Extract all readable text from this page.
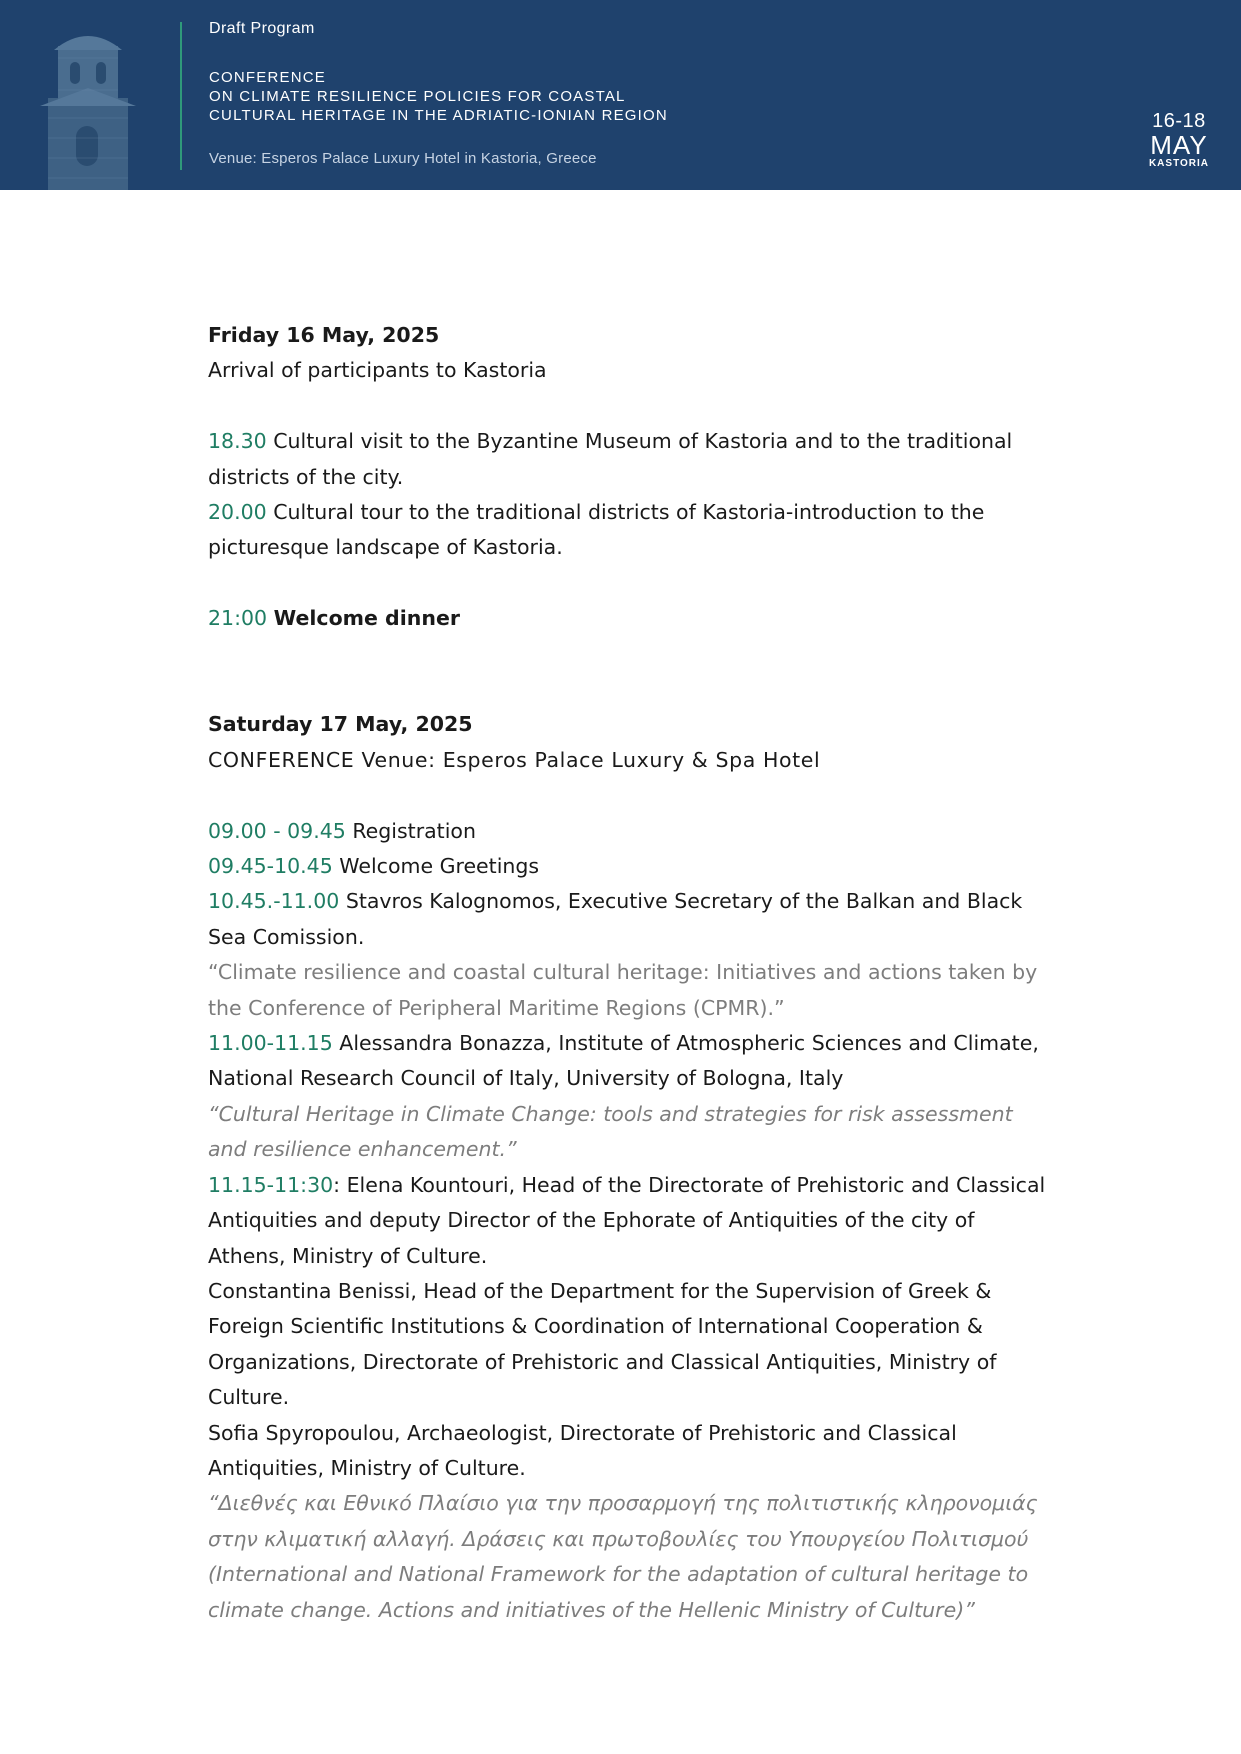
Draft Program
CONFERENCE
ON CLIMATE RESILIENCE POLICIES FOR COASTAL
CULTURAL HERITAGE IN THE ADRIATIC-IONIAN REGION
Venue: Esperos Palace Luxury Hotel in Kastoria, Greece
16-18
MAY
KASTORIA

Friday 16 May, 2025

Arrival of participants to Kastoria

18.30 Cultural visit to the Byzantine Museum of Kastoria and to the traditional districts of the city.

20.00 Cultural tour to the traditional districts of Kastoria-introduction to the picturesque landscape of Kastoria.

21:00 Welcome dinner

Saturday 17 May, 2025

CONFERENCE Venue: Esperos Palace Luxury & Spa Hotel

09.00 - 09.45 Registration

09.45-10.45 Welcome Greetings

10.45.-11.00 Stavros Kalognomos, Executive Secretary of the Balkan and Black Sea Comission.

“Climate resilience and coastal cultural heritage: Initiatives and actions taken by the Conference of Peripheral Maritime Regions (CPMR).”

11.00-11.15 Alessandra Bonazza, Institute of Atmospheric Sciences and Climate, National Research Council of Italy, University of Bologna, Italy

“Cultural Heritage in Climate Change: tools and strategies for risk assessment and resilience enhancement.”

11.15-11:30: Elena Kountouri, Head of the Directorate of Prehistoric and Classical Antiquities and deputy Director of the Ephorate of Antiquities of the city of Athens, Ministry of Culture.

Constantina Benissi, Head of the Department for the Supervision of Greek & Foreign Scientific Institutions & Coordination of International Cooperation & Organizations, Directorate of Prehistoric and Classical Antiquities, Ministry of Culture.

Sofia Spyropoulou, Archaeologist, Directorate of Prehistoric and Classical Antiquities, Ministry of Culture.

“Διεθνές και Εθνικό Πλαίσιο για την προσαρμογή της πολιτιστικής κληρονομιάς στην κλιματική αλλαγή. Δράσεις και πρωτοβουλίες του Υπουργείου Πολιτισμού (International and National Framework for the adaptation of cultural heritage to climate change. Actions and initiatives of the Hellenic Ministry of Culture)”
